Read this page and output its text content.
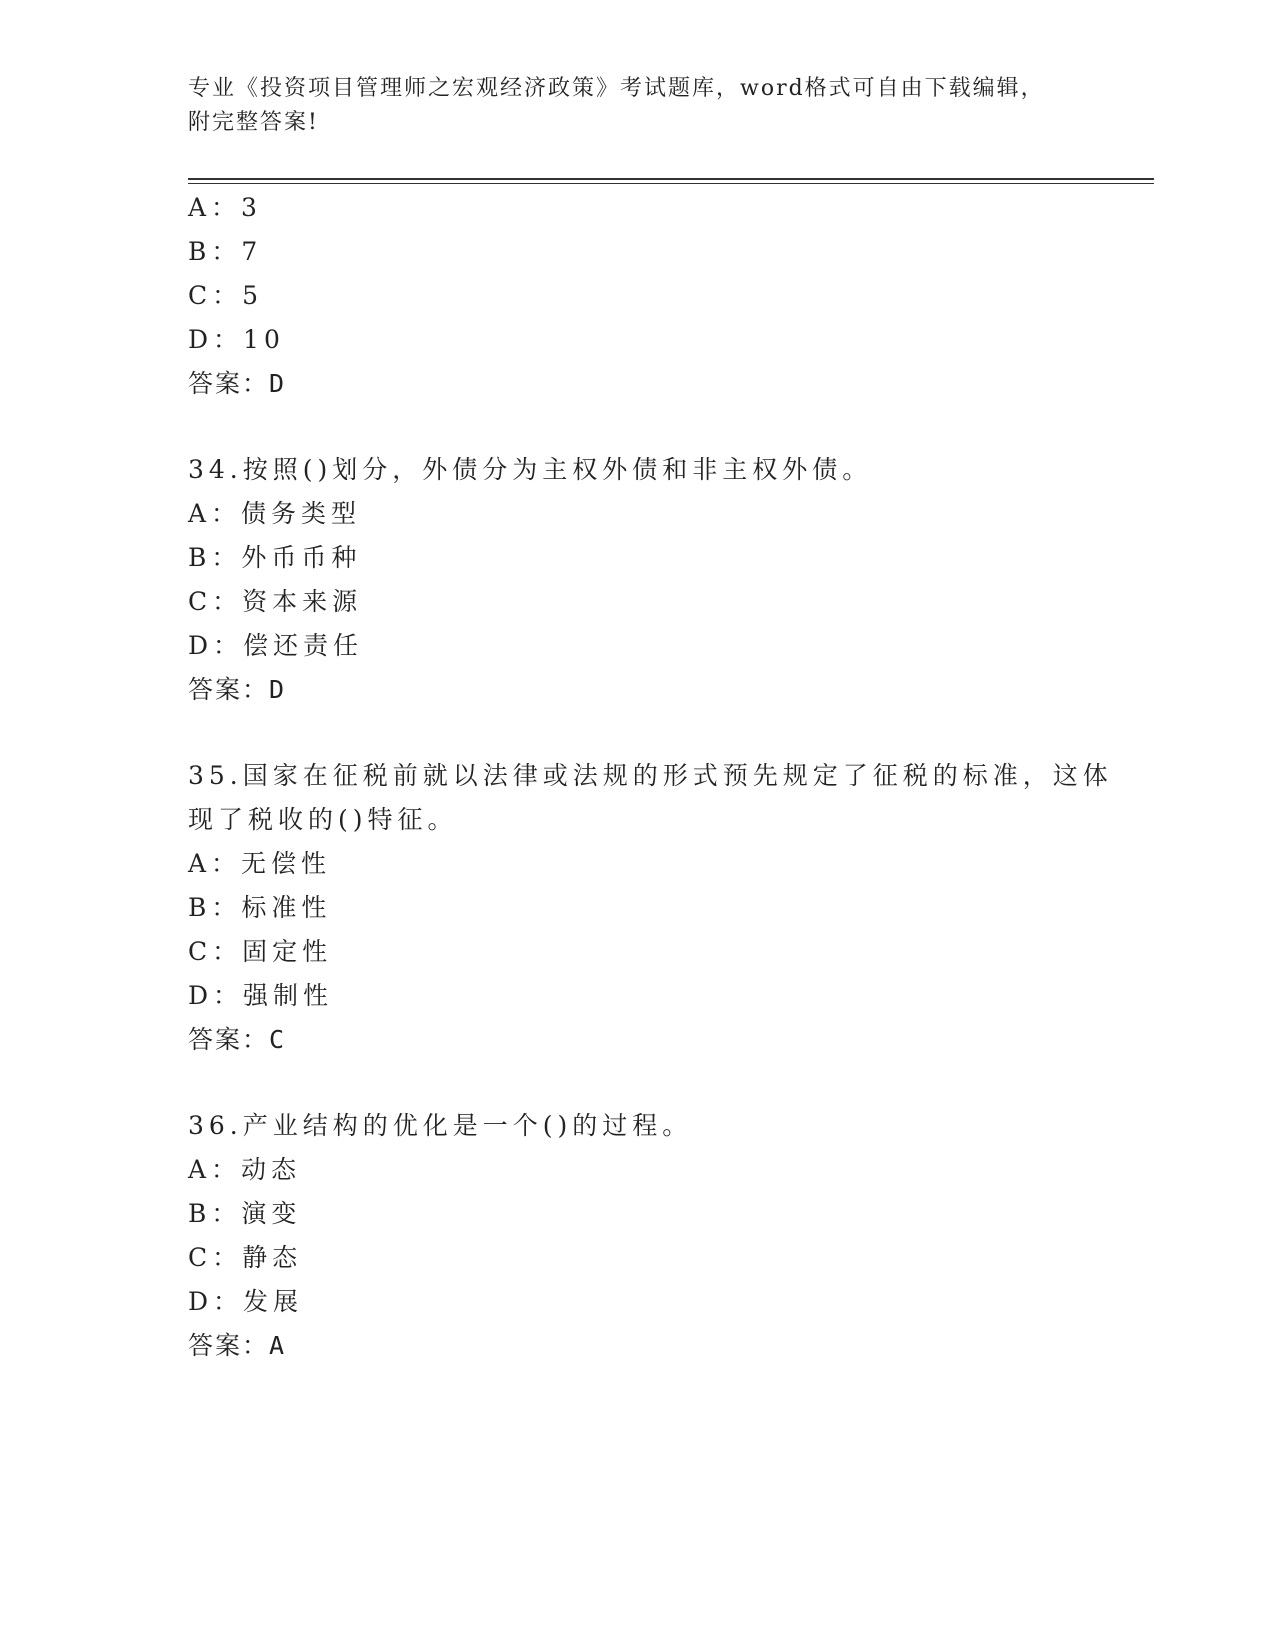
专业《投资项目管理师之宏观经济政策》考试题库，word格式可自由下载编辑，
附完整答案!
A：3
B：7
C：5
D：10
答案：D
34.按照()划分，外债分为主权外债和非主权外债。
A：债务类型
B：外币币种
C：资本来源
D：偿还责任
答案：D
35.国家在征税前就以法律或法规的形式预先规定了征税的标准，这体
现了税收的()特征。
A：无偿性
B：标准性
C：固定性
D：强制性
答案：C
36.产业结构的优化是一个()的过程。
A：动态
B：演变
C：静态
D：发展
答案：A
